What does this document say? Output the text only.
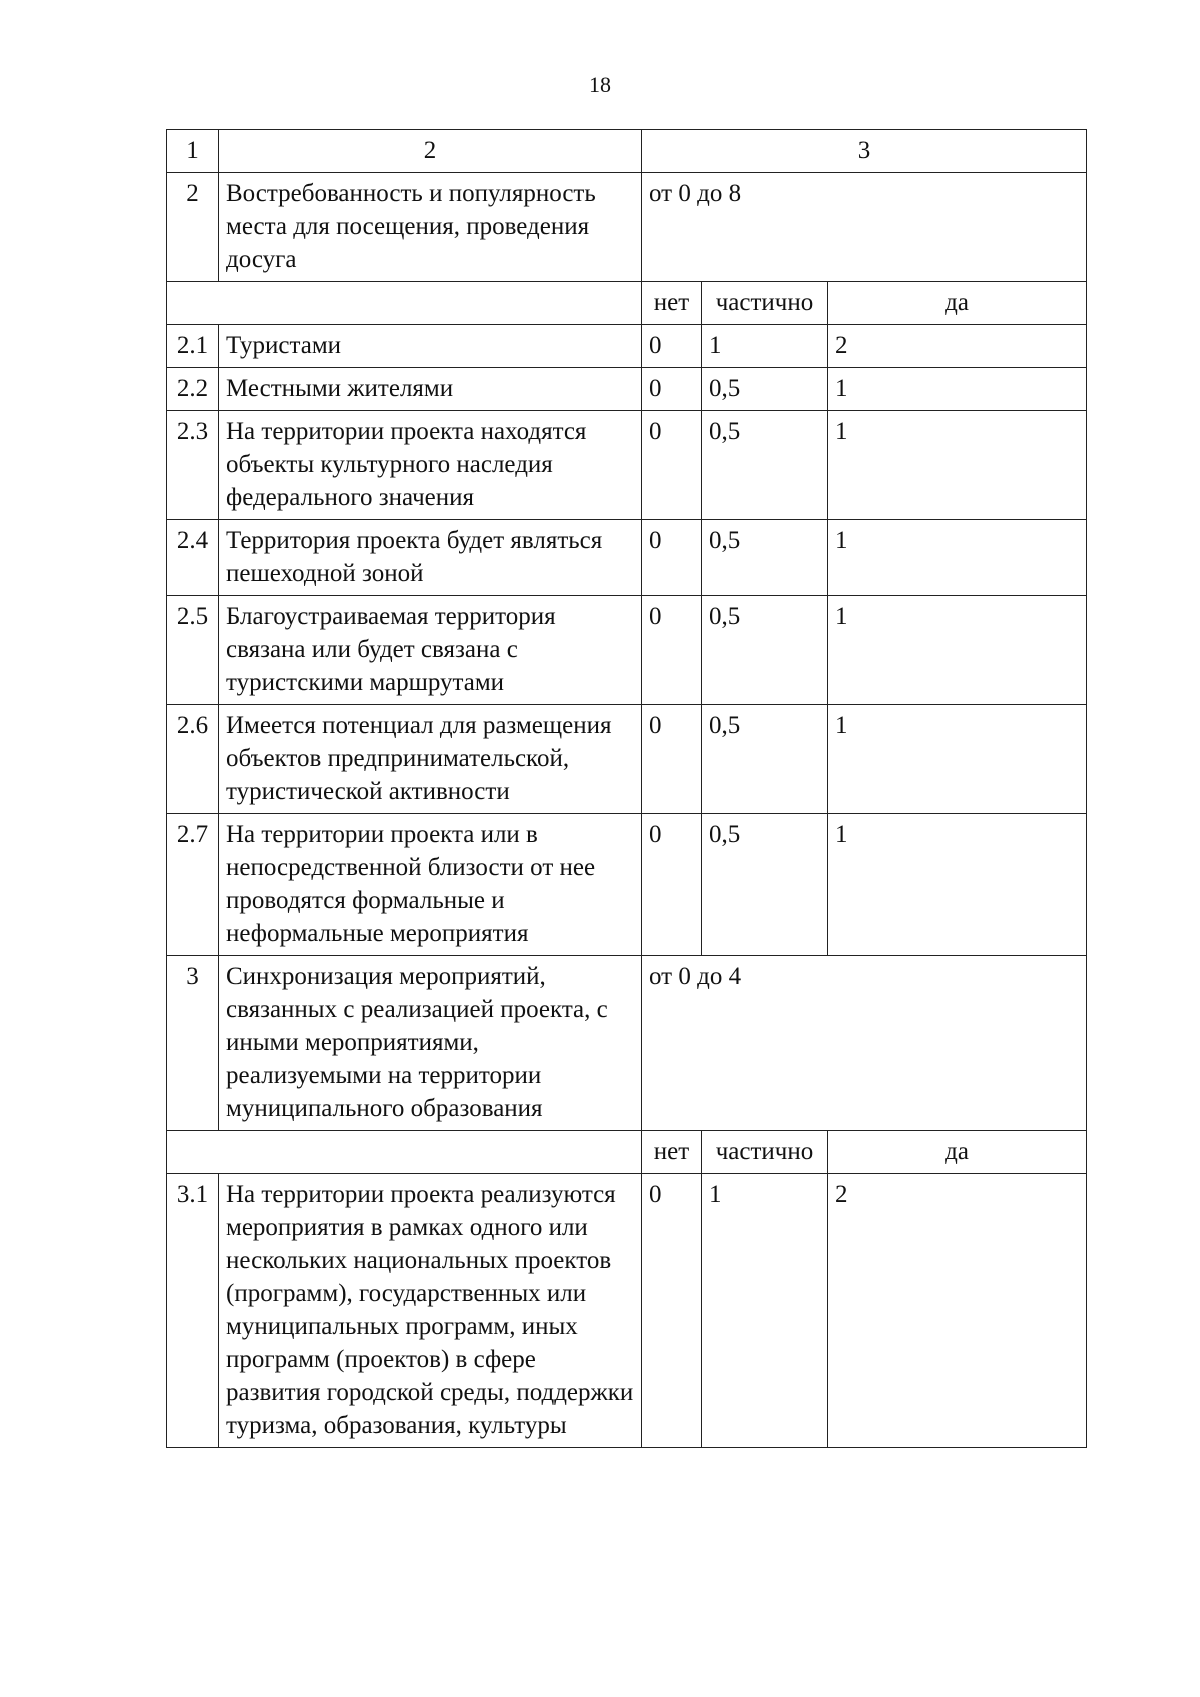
18
1	2	3		
2	Востребованность и популярность места для посещения, проведения досуга	от 0 до 8		
		нет	частично	да
2.1	Туристами	0	1	2
2.2	Местными жителями	0	0,5	1
2.3	На территории проекта находятся объекты культурного наследия федерального значения	0	0,5	1
2.4	Территория проекта будет являться пешеходной зоной	0	0,5	1
2.5	Благоустраиваемая территория связана или будет связана с туристскими маршрутами	0	0,5	1
2.6	Имеется потенциал для размещения объектов предпринимательской, туристической активности	0	0,5	1
2.7	На территории проекта или в непосредственной близости от нее проводятся формальные и неформальные мероприятия	0	0,5	1
3	Синхронизация мероприятий, связанных с реализацией проекта, с иными мероприятиями, реализуемыми на территории муниципального образования	от 0 до 4		
		нет	частично	да
3.1	На территории проекта реализуются мероприятия в рамках одного или нескольких национальных проектов (программ), государственных или муниципальных программ, иных программ (проектов) в сфере развития городской среды, поддержки туризма, образования, культуры	0	1	2
